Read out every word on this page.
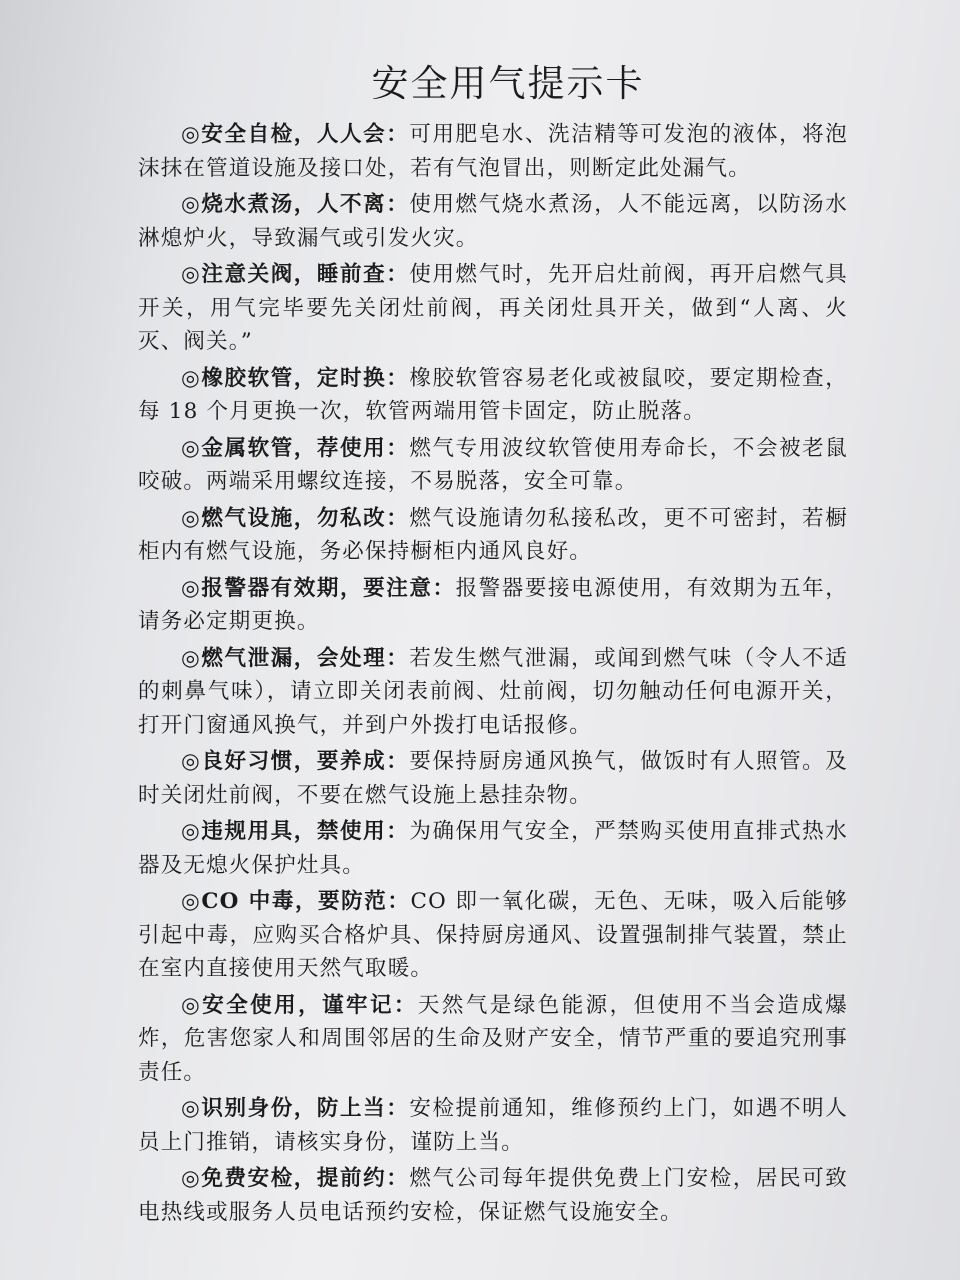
安全用气提示卡

◎安全自检，人人会：可用肥皂水、洗洁精等可发泡的液体，将泡沫抹在管道设施及接口处，若有气泡冒出，则断定此处漏气。

◎烧水煮汤，人不离：使用燃气烧水煮汤，人不能远离，以防汤水淋熄炉火，导致漏气或引发火灾。

◎注意关阀，睡前查：使用燃气时，先开启灶前阀，再开启燃气具开关，用气完毕要先关闭灶前阀，再关闭灶具开关，做到“人离、火灭、阀关。”

◎橡胶软管，定时换：橡胶软管容易老化或被鼠咬，要定期检查，每 18 个月更换一次，软管两端用管卡固定，防止脱落。

◎金属软管，荐使用：燃气专用波纹软管使用寿命长，不会被老鼠咬破。两端采用螺纹连接，不易脱落，安全可靠。

◎燃气设施，勿私改：燃气设施请勿私接私改，更不可密封，若橱柜内有燃气设施，务必保持橱柜内通风良好。

◎报警器有效期，要注意：报警器要接电源使用，有效期为五年，请务必定期更换。

◎燃气泄漏，会处理：若发生燃气泄漏，或闻到燃气味（令人不适的刺鼻气味），请立即关闭表前阀、灶前阀，切勿触动任何电源开关，打开门窗通风换气，并到户外拨打电话报修。

◎良好习惯，要养成：要保持厨房通风换气，做饭时有人照管。及时关闭灶前阀，不要在燃气设施上悬挂杂物。

◎违规用具，禁使用：为确保用气安全，严禁购买使用直排式热水器及无熄火保护灶具。

◎CO 中毒，要防范：CO 即一氧化碳，无色、无味，吸入后能够引起中毒，应购买合格炉具、保持厨房通风、设置强制排气装置，禁止在室内直接使用天然气取暖。

◎安全使用，谨牢记：天然气是绿色能源，但使用不当会造成爆炸，危害您家人和周围邻居的生命及财产安全，情节严重的要追究刑事责任。

◎识别身份，防上当：安检提前通知，维修预约上门，如遇不明人员上门推销，请核实身份，谨防上当。

◎免费安检，提前约：燃气公司每年提供免费上门安检，居民可致电热线或服务人员电话预约安检，保证燃气设施安全。
